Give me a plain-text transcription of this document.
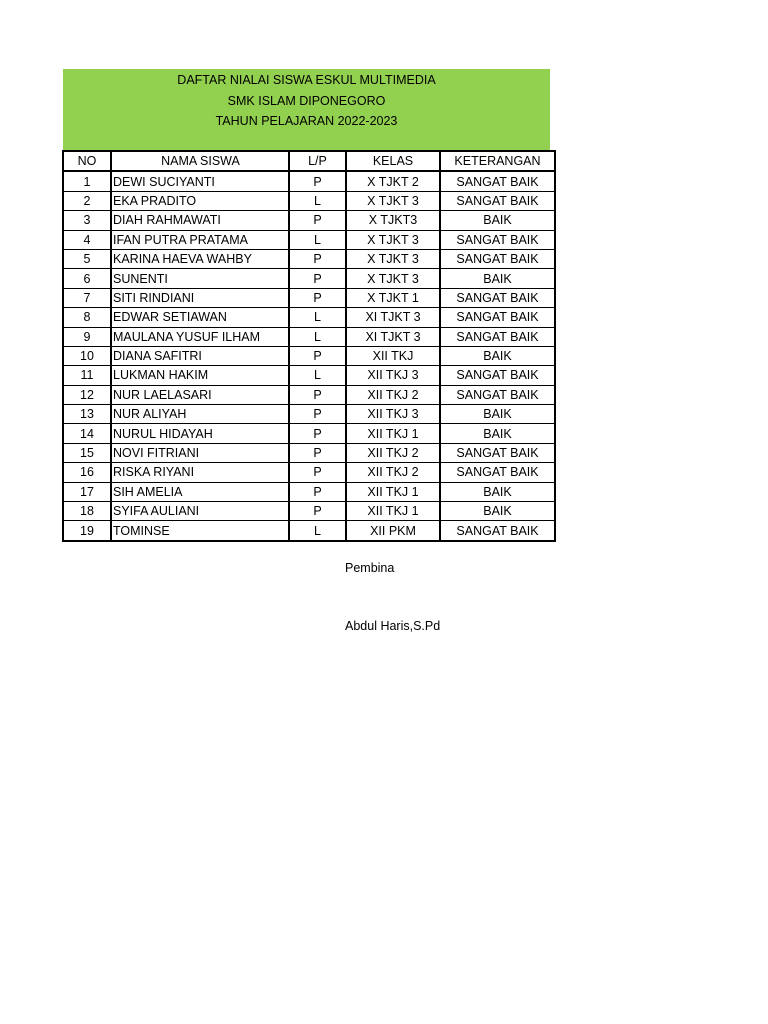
DAFTAR NIALAI SISWA ESKUL MULTIMEDIA
SMK ISLAM DIPONEGORO
TAHUN PELAJARAN 2022-2023
NO	NAMA SISWA	L/P	KELAS	KETERANGAN
1	DEWI SUCIYANTI	P	X TJKT 2	SANGAT BAIK
2	EKA PRADITO	L	X TJKT 3	SANGAT BAIK
3	DIAH RAHMAWATI	P	X TJKT3	BAIK
4	IFAN PUTRA PRATAMA	L	X TJKT 3	SANGAT BAIK
5	KARINA HAEVA WAHBY	P	X TJKT 3	SANGAT BAIK
6	SUNENTI	P	X TJKT 3	BAIK
7	SITI RINDIANI	P	X TJKT 1	SANGAT BAIK
8	EDWAR SETIAWAN	L	XI TJKT 3	SANGAT BAIK
9	MAULANA YUSUF ILHAM	L	XI TJKT 3	SANGAT BAIK
10	DIANA SAFITRI	P	XII TKJ	BAIK
11	LUKMAN HAKIM	L	XII TKJ 3	SANGAT BAIK
12	NUR LAELASARI	P	XII TKJ 2	SANGAT BAIK
13	NUR ALIYAH	P	XII TKJ 3	BAIK
14	NURUL HIDAYAH	P	XII TKJ 1	BAIK
15	NOVI FITRIANI	P	XII TKJ 2	SANGAT BAIK
16	RISKA RIYANI	P	XII TKJ 2	SANGAT BAIK
17	SIH AMELIA	P	XII TKJ 1	BAIK
18	SYIFA AULIANI	P	XII TKJ 1	BAIK
19	TOMINSE	L	XII PKM	SANGAT BAIK
Pembina
Abdul Haris,S.Pd
